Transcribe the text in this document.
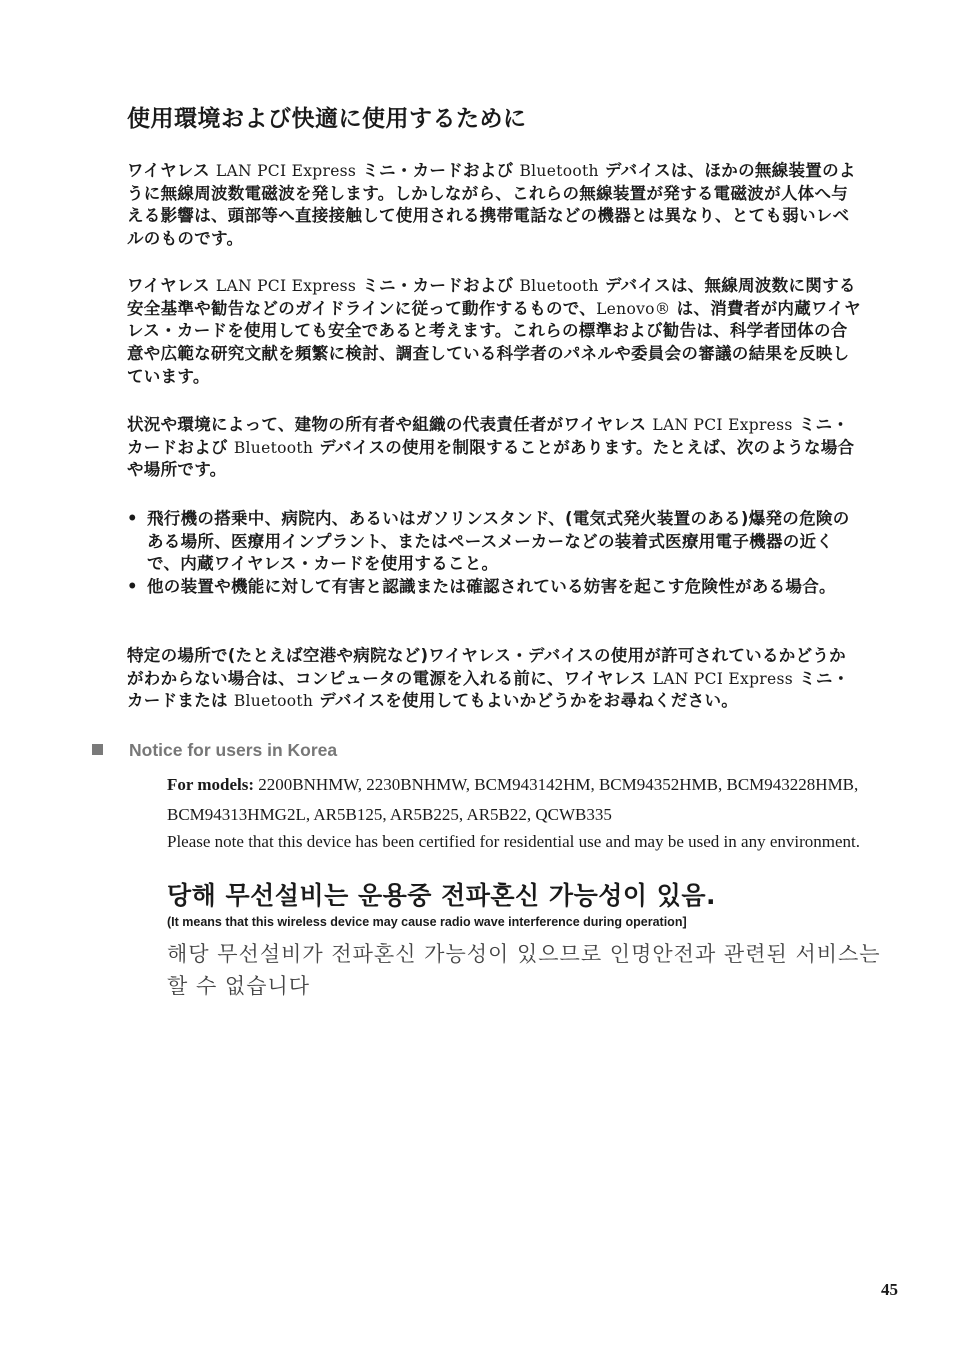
使用環境および快適に使用するために
ワイヤレス LAN PCI Express ミニ・カードおよび Bluetooth デバイスは、ほかの無線装置のように無線周波数電磁波を発します。しかしながら、これらの無線装置が発する電磁波が人体へ与える影響は、頭部等へ直接接触して使用される携帯電話などの機器とは異なり、とても弱いレベルのものです。
ワイヤレス LAN PCI Express ミニ・カードおよび Bluetooth デバイスは、無線周波数に関する安全基準や勧告などのガイドラインに従って動作するもので、Lenovo® は、消費者が内蔵ワイヤレス・カードを使用しても安全であると考えます。これらの標準および勧告は、科学者団体の合意や広範な研究文献を頻繁に検討、調査している科学者のパネルや委員会の審議の結果を反映しています。
状況や環境によって、建物の所有者や組織の代表責任者がワイヤレス LAN PCI Express ミニ・カードおよび Bluetooth デバイスの使用を制限することがあります。たとえば、次のような場合や場所です。
• 飛行機の搭乗中、病院内、あるいはガソリンスタンド、(電気式発火装置のある)爆発の危険のある場所、医療用インプラント、またはペースメーカーなどの装着式医療用電子機器の近くで、内蔵ワイヤレス・カードを使用すること。
• 他の装置や機能に対して有害と認識または確認されている妨害を起こす危険性がある場合。
特定の場所で(たとえば空港や病院など)ワイヤレス・デバイスの使用が許可されているかどうかがわからない場合は、コンピュータの電源を入れる前に、ワイヤレス LAN PCI Express ミニ・カードまたは Bluetooth デバイスを使用してもよいかどうかをお尋ねください。
Notice for users in Korea
For models: 2200BNHMW, 2230BNHMW, BCM943142HM, BCM94352HMB, BCM943228HMB, BCM94313HMG2L, AR5B125, AR5B225, AR5B22, QCWB335
Please note that this device has been certified for residential use and may be used in any environment.
당해 무선설비는 운용중 전파혼신 가능성이 있음.
(It means that this wireless device may cause radio wave interference during operation]
해당 무선설비가 전파혼신 가능성이 있으므로 인명안전과 관련된 서비스는 할 수 없습니다
45
